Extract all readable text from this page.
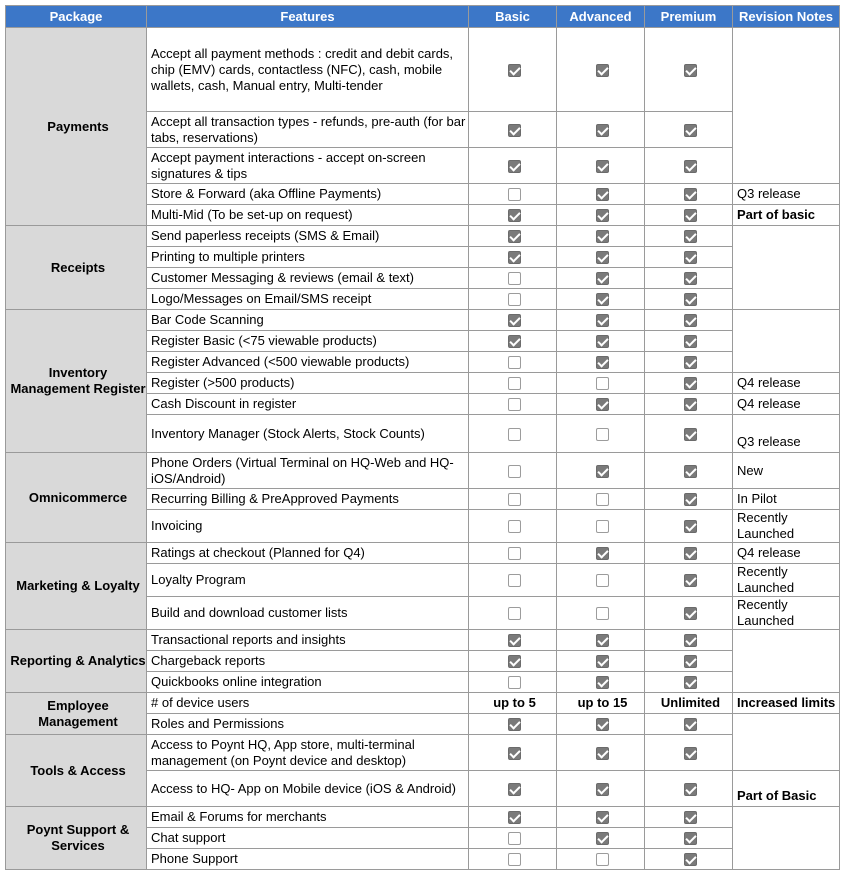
Package	Features	Basic	Advanced	Premium	Revision Notes	
Payments	Accept all payment methods : credit and debit cards, chip (EMV) cards, contactless (NFC), cash, mobile wallets, cash, Manual entry, Multi-tender					
	Accept all transaction types - refunds, pre-auth (for bar tabs, reservations)					
	Accept payment interactions - accept on-screen signatures & tips					
	Store & Forward (aka Offline Payments)				Q3 release	
	Multi-Mid (To be set-up on request)				Part of basic	
Receipts	Send paperless receipts (SMS & Email)					
	Printing to multiple printers					
	Customer Messaging & reviews (email & text)					
	Logo/Messages on Email/SMS receipt					
Inventory Management Register	Bar Code Scanning					
	Register Basic (<75 viewable products)					
	Register Advanced (<500 viewable products)					
	Register (>500 products)				Q4 release	
	Cash Discount in register				Q4 release	
	Inventory Manager (Stock Alerts, Stock Counts)				Q3 release	
Omnicommerce	Phone Orders (Virtual Terminal on HQ-Web and HQ-iOS/Android)				New	
	Recurring Billing & PreApproved Payments				In Pilot	
	Invoicing				Recently Launched	
Marketing & Loyalty	Ratings at checkout (Planned for Q4)				Q4 release	
	Loyalty Program				Recently Launched	
	Build and download customer lists				Recently Launched	
Reporting & Analytics	Transactional reports and insights					
	Chargeback reports					
	Quickbooks online integration					
Employee Management	# of device users	up to 5	up to 15	Unlimited	Increased limits	
	Roles and Permissions					
Tools & Access	Access to Poynt HQ, App store, multi-terminal management (on Poynt device and desktop)					
	Access to HQ- App on Mobile device (iOS & Android)				Part of Basic	
Poynt Support & Services	Email & Forums for merchants					
	Chat support					
	Phone Support					
